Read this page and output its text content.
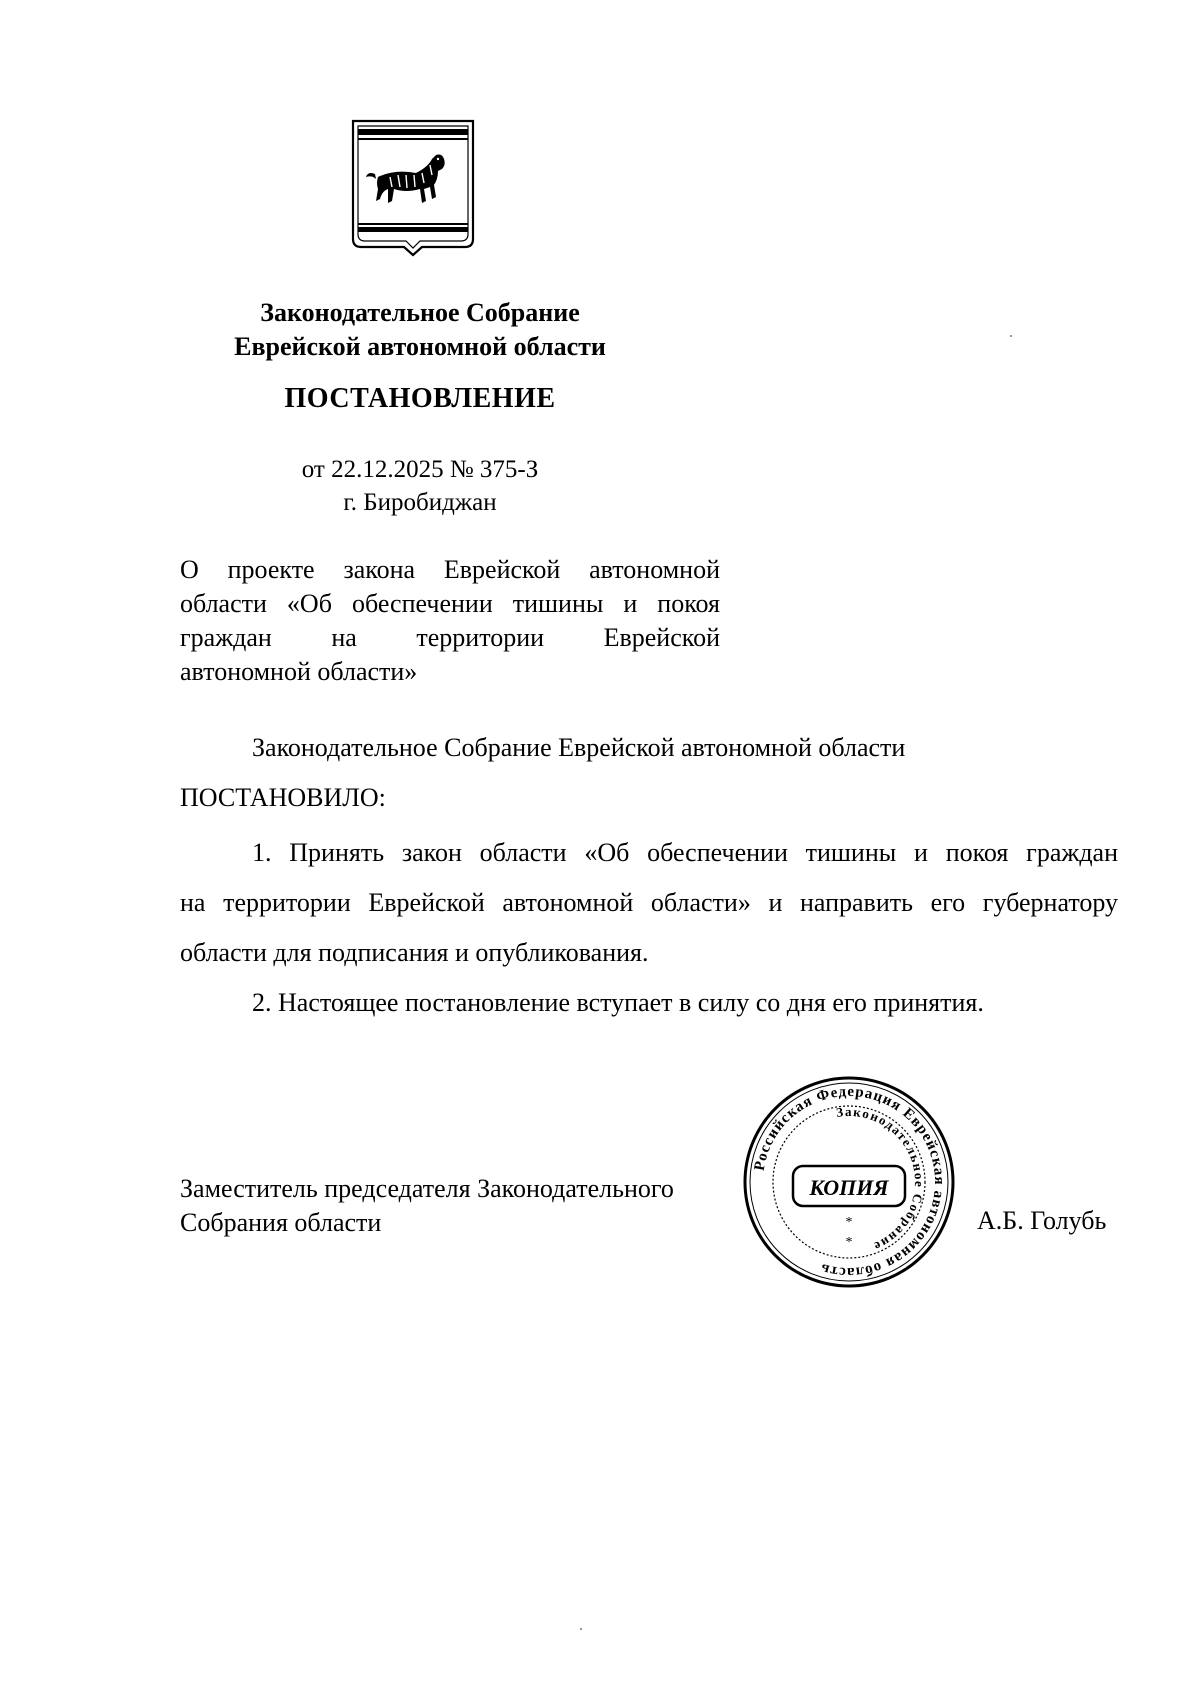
Законодательное Собрание
Еврейской автономной области
ПОСТАНОВЛЕНИЕ
от 22.12.2025 № 375-З
г. Биробиджан
О проекте закона Еврейской автономной
области «Об обеспечении тишины и покоя
граждан на территории Еврейской
автономной области»
Законодательное Собрание Еврейской автономной области
ПОСТАНОВИЛО:
1. Принять закон области «Об обеспечении тишины и покоя граждан
на территории Еврейской автономной области» и направить его губернатору
области для подписания и опубликования.
2. Настоящее постановление вступает в силу со дня его принятия.
Заместитель председателя Законодательного
Собрания области	А.Б. Голубь
Российская Федерация Еврейская автономная область
Законодательное Собрание
КОПИЯ
*
*
